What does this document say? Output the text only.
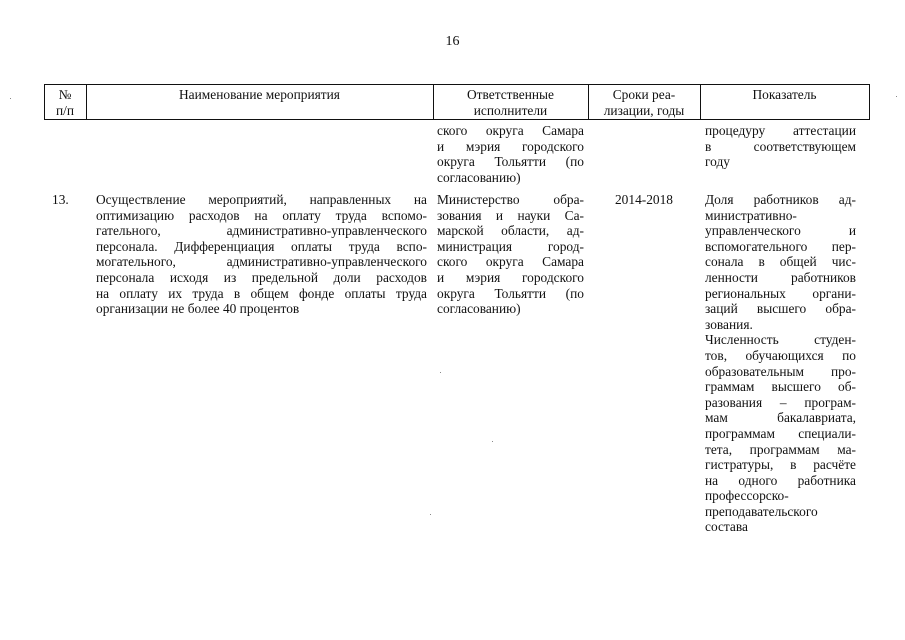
16
№
п/п
Наименование мероприятия	Ответственные
исполнители
Сроки реа-
лизации, годы
Показатель
ского округа Самара
и мэрия городского
округа Тольятти (по
согласованию)
процедуру аттестации
в соответствующем
году
13. Осуществление мероприятий, направленных на
оптимизацию расходов на оплату труда вспомо-
гательного, административно-управленческого
персонала. Дифференциация оплаты труда вспо-
могательного, административно-управленческого
персонала исходя из предельной доли расходов
на оплату их труда в общем фонде оплаты труда
организации не более 40 процентов
Министерство обра-
зования и науки Са-
марской области, ад-
министрация город-
ского округа Самара
и мэрия городского
округа Тольятти (по
согласованию)
2014-2018	Доля работников ад-
министративно-
управленческого и
вспомогательного пер-
сонала в общей чис-
ленности работников
региональных органи-
заций высшего обра-
зования.
Численность студен-
тов, обучающихся по
образовательным про-
граммам высшего об-
разования – програм-
мам бакалавриата,
программам специали-
тета, программам ма-
гистратуры, в расчёте
на одного работника
профессорско-
преподавательского
состава
